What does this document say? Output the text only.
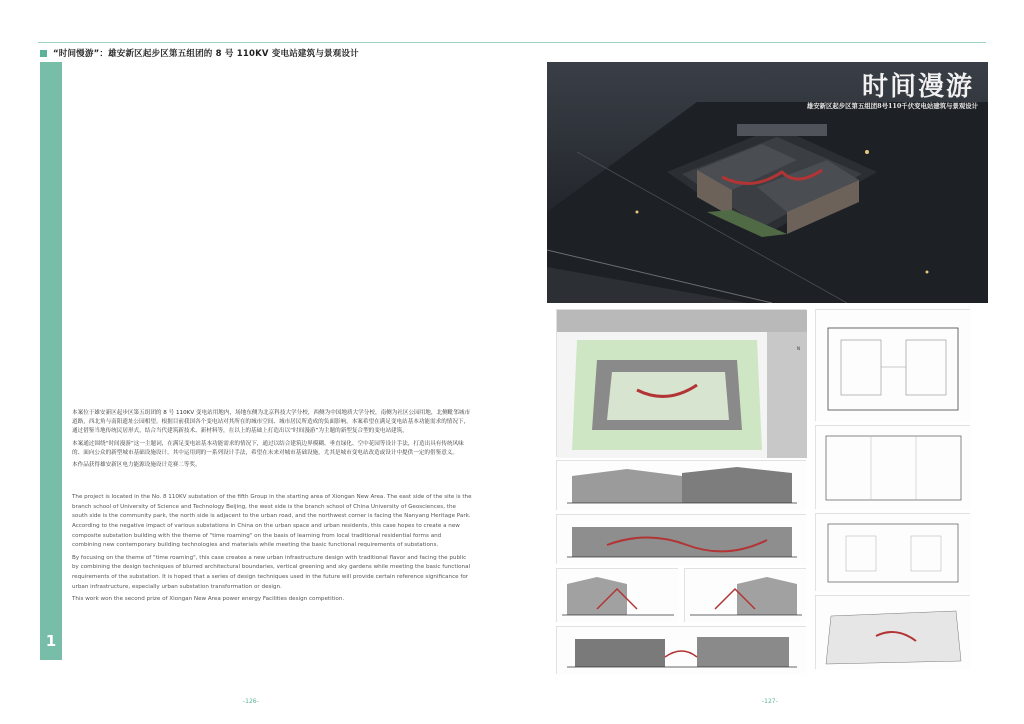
“时间慢游”：雄安新区起步区第五组团的 8 号 110KV 变电站建筑与景观设计
1

本案位于雄安新区起步区第五组团的 8 号 110KV 变电站用地内，场地东侧为北京科技大学分校，西侧为中国地质大学分校，南侧为社区公园用地，北侧毗邻城市道路，西北角与南阳遗址公园相望。根据目前我国各个变电站对其所在的城市空间、城市居民所造成的负面影响，本案希望在满足变电站基本功能需求的情况下，通过借鉴当地传统民居形式，结合当代建筑新技术、新材料等，在以上的基础上打造出以“时间漫游”为主题的新型复合型的变电站建筑。

本案通过围绕“时间漫游”这一主题词，在满足变电站基本功能需求的情况下，通过以结合建筑边界模糊、垂直绿化、空中花园等设计手法，打造出具有传统风味的、面向公众的新型城市基础设施设计。其中运用到的一系列设计手法，希望在未来对城市基础设施，尤其是城市变电站改造或设计中提供一定的借鉴意义。

本作品获得雄安新区电力能源设施设计竞赛二等奖。

The project is located in the No. 8 110KV substation of the fifth Group in the starting area of Xiongan New Area. The east side of the site is the branch school of University of Science and Technology Beijing, the west side is the branch school of China University of Geosciences, the south side is the community park, the north side is adjacent to the urban road, and the northwest corner is facing the Nanyang Heritage Park. According to the negative impact of various substations in China on the urban space and urban residents, this case hopes to create a new composite substation building with the theme of "time roaming" on the basis of learning from local traditional residential forms and combining new contemporary building technologies and materials while meeting the basic functional requirements of substations.

By focusing on the theme of "time roaming", this case creates a new urban infrastructure design with traditional flavor and facing the public by combining the design techniques of blurred architectural boundaries, vertical greening and sky gardens while meeting the basic functional requirements of the substation. It is hoped that a series of design techniques used in the future will provide certain reference significance for urban infrastructure, especially urban substation transformation or design.

This work won the second prize of Xiongan New Area power energy Facilities design competition.

-126-	-127-
时间漫游
雄安新区起步区第五组团8号110千伏变电站建筑与景观设计
N
